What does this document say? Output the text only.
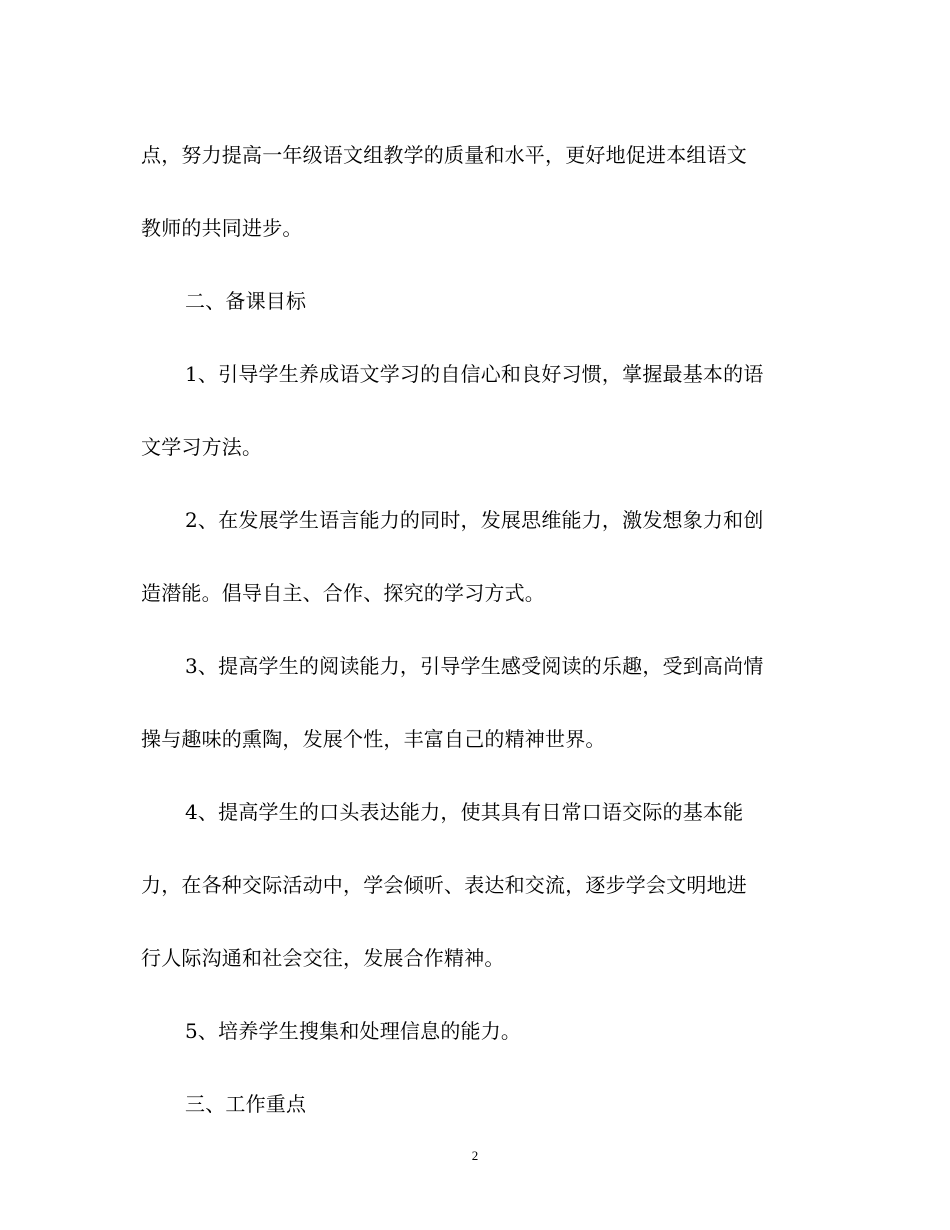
点，努力提高一年级语文组教学的质量和水平，更好地促进本组语文
教师的共同进步。
二、备课目标
1、引导学生养成语文学习的自信心和良好习惯，掌握最基本的语
文学习方法。
2、在发展学生语言能力的同时，发展思维能力，激发想象力和创
造潜能。倡导自主、合作、探究的学习方式。
3、提高学生的阅读能力，引导学生感受阅读的乐趣，受到高尚情
操与趣味的熏陶，发展个性，丰富自己的精神世界。
4、提高学生的口头表达能力，使其具有日常口语交际的基本能
力，在各种交际活动中，学会倾听、表达和交流，逐步学会文明地进
行人际沟通和社会交往，发展合作精神。
5、培养学生搜集和处理信息的能力。
三、工作重点
2
